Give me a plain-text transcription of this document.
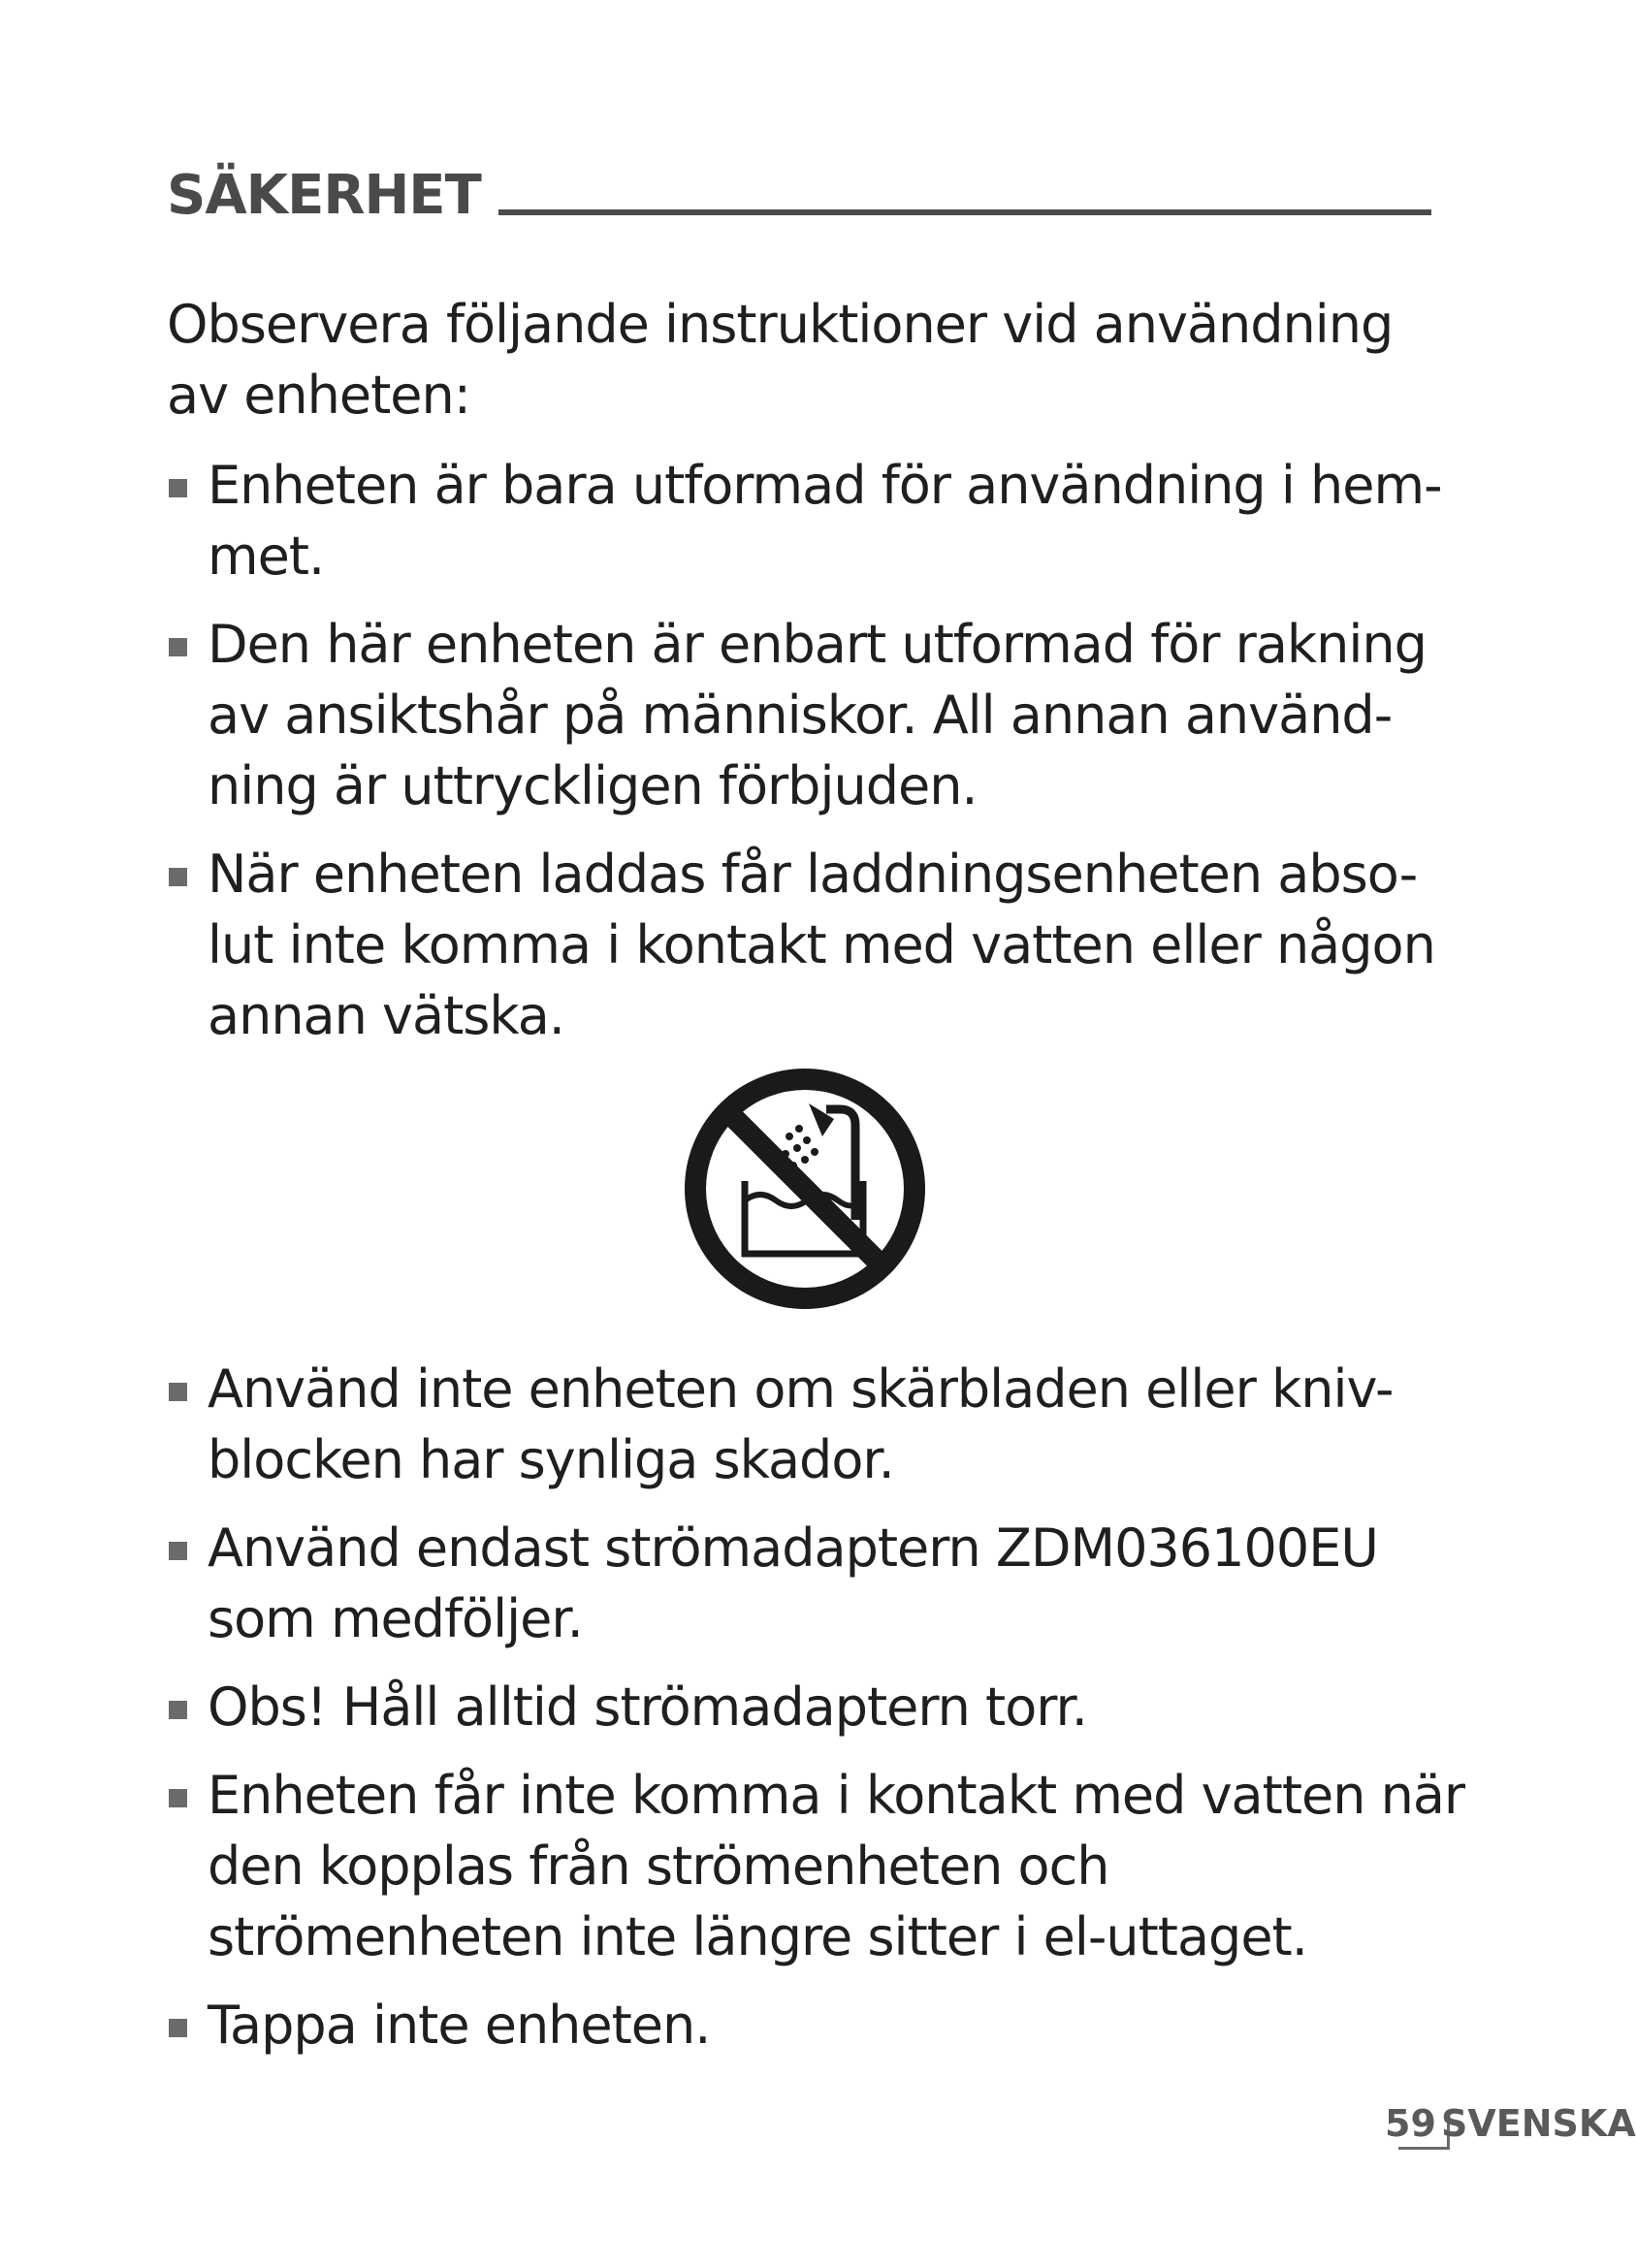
SÄKERHET

Observera följande instruktioner vid användning av enheten:

Enheten är bara utformad för användning i hem-met.
Den här enheten är enbart utformad för rakning av ansiktshår på människor. All annan använd-ning är uttryckligen förbjuden.
När enheten laddas får laddningsenheten abso-lut inte komma i kontakt med vatten eller någon annan vätska.
Använd inte enheten om skärbladen eller kniv-blocken har synliga skador.
Använd endast strömadaptern ZDM036100EU som medföljer.
Obs! Håll alltid strömadaptern torr.
Enheten får inte komma i kontakt med vatten när den kopplas från strömenheten och strömenheten inte längre sitter i el-uttaget.
Tappa inte enheten.
59 SVENSKA
